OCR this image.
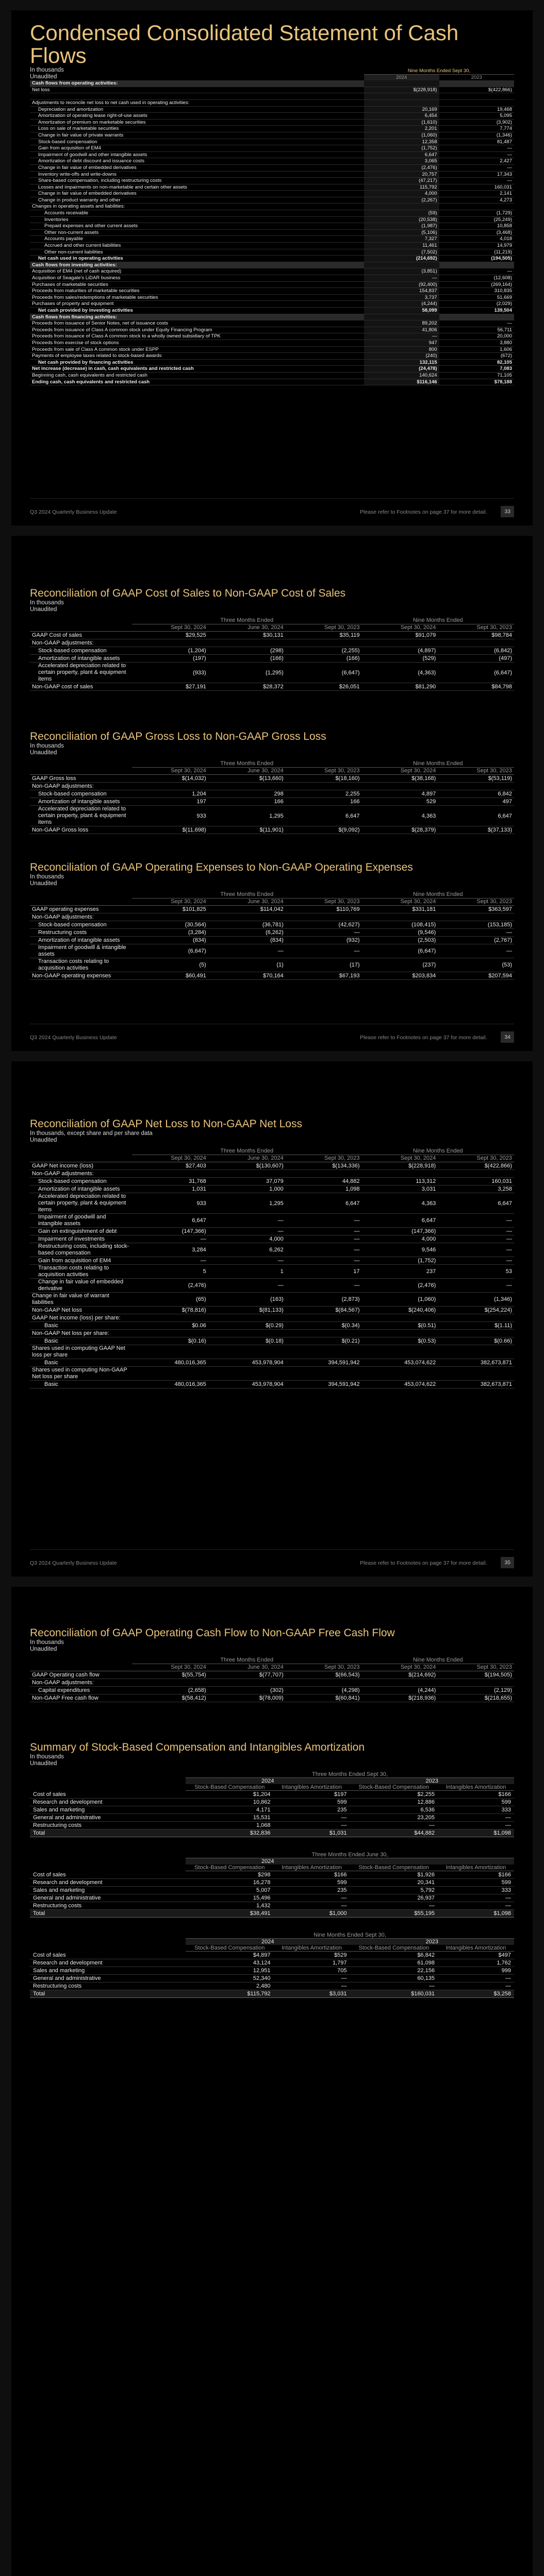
Condensed Consolidated Statement of Cash Flows
In thousands
Unaudited
	Nine Months Ended Sept 30,	
	2024	2023
Cash flows from operating activities:		
Net loss	$(228,918)	$(422,866)

Adjustments to reconcile net loss to net cash used in operating activities:		
Depreciation and amortization	20,169	19,468
Amortization of operating lease right-of-use assets	6,454	5,095
Amortization of premium on marketable securities	(1,610)	(3,902)
Loss on sale of marketable securities	2,201	7,774
Change in fair value of private warrants	(1,060)	(1,346)
Stock-based compensation	12,358	81,487
Gain from acquisition of EM4	(1,752)	—
Impairment of goodwill and other intangible assets	6,647	—
Amortization of debt discount and issuance costs	3,065	2,427
Change in fair value of embedded derivatives	(2,476)	—
Inventory write-offs and write-downs	20,757	17,343
Share-based compensation, including restructuring costs	(47,217)	—
Losses and impairments on non-marketable and certain other assets	115,792	160,031
Change in fair value of embedded derivatives	4,000	2,141
Change in product warranty and other	(2,267)	4,273
Changes in operating assets and liabilities:		
Accounts receivable	(59)	(1,729)
Inventories	(20,538)	(25,249)
Prepaid expenses and other current assets	(1,987)	10,858
Other non-current assets	(5,106)	(3,468)
Accounts payable	7,327	4,018
Accrued and other current liabilities	11,461	14,979
Other non-current liabilities	(7,502)	(11,219)
Net cash used in operating activities	(214,692)	(194,505)
Cash flows from investing activities:		
Acquisition of EM4 (net of cash acquired)	(3,851)	—
Acquisition of Seagate's LiDAR business	—	(12,608)
Purchases of marketable securities	(92,400)	(269,164)
Proceeds from maturities of marketable securities	154,837	310,835
Proceeds from sales/redemptions of marketable securities	3,737	51,669
Purchases of property and equipment	(4,244)	(2,029)
Net cash provided by investing activities	58,099	139,504
Cash flows from financing activities:		
Proceeds from issuance of Senior Notes, net of issuance costs	89,202	—
Proceeds from issuance of Class A common stock under Equity Financing Program	41,806	56,711
Proceeds from issuance of Class A common stock to a wholly owned subsidiary of TPK	—	20,000
Proceeds from exercise of stock options	947	3,880
Proceeds from sale of Class A common stock under ESPP	800	1,606
Payments of employee taxes related to stock-based awards	(240)	(672)
Net cash provided by financing activities	132,115	82,105
Net increase (decrease) in cash, cash equivalents and restricted cash	(24,478)	7,083
Beginning cash, cash equivalents and restricted cash	140,624	71,105
Ending cash, cash equivalents and restricted cash	$116,146	$78,188
Q3 2024 Quarterly Business Update	Please refer to Footnotes on page 37 for more detail.	33
Reconciliation of GAAP Cost of Sales to Non-GAAP Cost of Sales
In thousands
Unaudited
	Three Months Ended			Nine Months Ended	
	Sept 30, 2024	June 30, 2024	Sept 30, 2023	Sept 30, 2024	Sept 30, 2023
GAAP Cost of sales	$29,525	$30,131	$35,119	$91,079	$98,784
Non-GAAP adjustments:					
Stock-based compensation	(1,204)	(298)	(2,255)	(4,897)	(6,842)
Amortization of intangible assets	(197)	(166)	(166)	(529)	(497)
Accelerated depreciation related to certain property, plant & equipment items	(933)	(1,295)	(6,647)	(4,363)	(6,647)
Non-GAAP cost of sales	$27,191	$28,372	$26,051	$81,290	$84,798
Reconciliation of GAAP Gross Loss to Non-GAAP Gross Loss
In thousands
Unaudited
	Three Months Ended			Nine Months Ended	
	Sept 30, 2024	June 30, 2024	Sept 30, 2023	Sept 30, 2024	Sept 30, 2023
GAAP Gross loss	$(14,032)	$(13,660)	$(18,160)	$(38,168)	$(53,119)
Non-GAAP adjustments:					
Stock-based compensation	1,204	298	2,255	4,897	6,842
Amortization of intangible assets	197	166	166	529	497
Accelerated depreciation related to certain property, plant & equipment items	933	1,295	6,647	4,363	6,647
Non-GAAP Gross loss	$(11,698)	$(11,901)	$(9,092)	$(28,379)	$(37,133)
Reconciliation of GAAP Operating Expenses to Non-GAAP Operating Expenses
In thousands
Unaudited
	Three Months Ended			Nine Months Ended	
	Sept 30, 2024	June 30, 2024	Sept 30, 2023	Sept 30, 2024	Sept 30, 2023
GAAP operating expenses	$101,825	$114,042	$110,769	$331,181	$363,597
Non-GAAP adjustments:					
Stock-based compensation	(30,564)	(36,781)	(42,627)	(108,415)	(153,185)
Restructuring costs	(3,284)	(6,262)	—	(9,546)	—
Amortization of intangible assets	(834)	(834)	(932)	(2,503)	(2,767)
Impairment of goodwill & intangible assets	(6,647)	—	—	(6,647)	—
Transaction costs relating to acquisition activities	(5)	(1)	(17)	(237)	(53)
Non-GAAP operating expenses	$60,491	$70,164	$67,193	$203,834	$207,594
Q3 2024 Quarterly Business Update	Please refer to Footnotes on page 37 for more detail.	34
Reconciliation of GAAP Net Loss to Non-GAAP Net Loss
In thousands, except share and per share data
Unaudited
	Three Months Ended			Nine Months Ended	
	Sept 30, 2024	June 30, 2024	Sept 30, 2023	Sept 30, 2024	Sept 30, 2023
GAAP Net income (loss)	$27,403	$(130,607)	$(134,336)	$(228,918)	$(422,866)
Non-GAAP adjustments:					
Stock-based compensation	31,768	37,079	44,882	113,312	160,031
Amortization of intangible assets	1,031	1,000	1,098	3,031	3,258
Accelerated depreciation related to certain property, plant & equipment items	933	1,295	6,647	4,363	6,647
Impairment of goodwill and intangible assets	6,647	—	—	6,647	—
Gain on extinguishment of debt	(147,366)	—	—	(147,366)	—
Impairment of investments	—	4,000	—	4,000	—
Restructuring costs, including stock-based compensation	3,284	6,262	—	9,546	—
Gain from acquisition of EM4	—	—	—	(1,752)	—
Transaction costs relating to acquisition activities	5	1	17	237	53
Change in fair value of embedded derivative	(2,476)	—	—	(2,476)	—
Change in fair value of warrant liabilities	(65)	(163)	(2,873)	(1,060)	(1,346)
Non-GAAP Net loss	$(78,816)	$(81,133)	$(84,567)	$(240,406)	$(254,224)
GAAP Net income (loss) per share:					
Basic	$0.06	$(0.29)	$(0.34)	$(0.51)	$(1.11)
Non-GAAP Net loss per share:					
Basic	$(0.16)	$(0.18)	$(0.21)	$(0.53)	$(0.66)
Shares used in computing GAAP Net loss per share					
Basic	480,016,365	453,978,904	394,591,942	453,074,622	382,673,871
Shares used in computing Non-GAAP Net loss per share					
Basic	480,016,365	453,978,904	394,591,942	453,074,622	382,673,871
Q3 2024 Quarterly Business Update	Please refer to Footnotes on page 37 for more detail.	35
Reconciliation of GAAP Operating Cash Flow to Non-GAAP Free Cash Flow
In thousands
Unaudited
	Three Months Ended			Nine Months Ended	
	Sept 30, 2024	June 30, 2024	Sept 30, 2023	Sept 30, 2024	Sept 30, 2023
GAAP Operating cash flow	$(55,754)	$(77,707)	$(66,543)	$(214,692)	$(194,505)
Non-GAAP adjustments:					
Capital expenditures	(2,658)	(302)	(4,298)	(4,244)	(2,129)
Non-GAAP Free cash flow	$(58,412)	$(78,009)	$(60,841)	$(218,936)	$(218,655)
Summary of Stock-Based Compensation and Intangibles Amortization
In thousands
Unaudited
	Three Months Ended Sept 30,			
	2024		2023	
	Stock-Based Compensation	Intangibles Amortization	Stock-Based Compensation	Intangibles Amortization
Cost of sales	$1,204	$197	$2,255	$166
Research and development	10,862	599	12,886	599
Sales and marketing	4,171	235	6,536	333
General and administrative	15,531	—	23,205	—
Restructuring costs	1,068	—	—	—
Total	$32,836	$1,031	$44,882	$1,098
	Three Months Ended June 30,			
	2024			
	Stock-Based Compensation	Intangibles Amortization	Stock-Based Compensation	Intangibles Amortization
Cost of sales	$298	$166	$1,926	$166
Research and development	16,278	599	20,341	599
Sales and marketing	5,007	235	5,792	333
General and administrative	15,496	—	26,937	—
Restructuring costs	1,432	—	—	—
Total	$38,491	$1,000	$55,195	$1,098
	Nine Months Ended Sept 30,			
	2024		2023	
	Stock-Based Compensation	Intangibles Amortization	Stock-Based Compensation	Intangibles Amortization
Cost of sales	$4,897	$529	$6,842	$497
Research and development	43,124	1,797	61,098	1,762
Sales and marketing	12,951	705	22,156	999
General and administrative	52,340	—	60,135	—
Restructuring costs	2,480	—	—	—
Total	$115,792	$3,031	$160,031	$3,258
